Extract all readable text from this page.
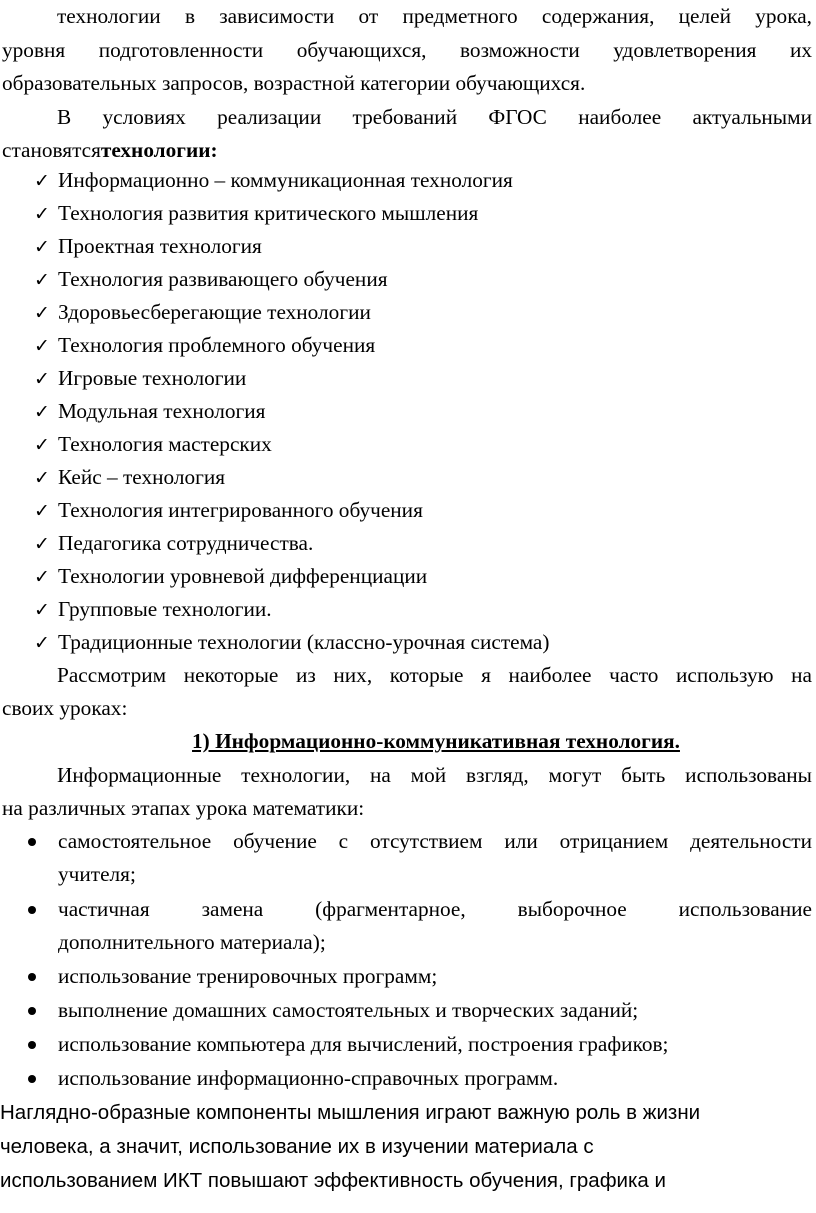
технологии в зависимости от предметного содержания, целей урока,
уровня подготовленности обучающихся, возможности удовлетворения их
образовательных запросов, возрастной категории обучающихся.
В условиях реализации требований ФГОС наиболее актуальными
становятсятехнологии:
✓ Информационно – коммуникационная технология
✓ Технология развития критического мышления
✓ Проектная технология
✓ Технология развивающего обучения
✓ Здоровьесберегающие технологии
✓ Технология проблемного обучения
✓ Игровые технологии
✓ Модульная технология
✓ Технология мастерских
✓ Кейс – технология
✓ Технология интегрированного обучения
✓ Педагогика сотрудничества.
✓ Технологии уровневой дифференциации
✓ Групповые технологии.
✓ Традиционные технологии (классно-урочная система)
Рассмотрим некоторые из них, которые я наиболее часто использую на
своих уроках:
1) Информационно-коммуникативная технология.
Информационные технологии, на мой взгляд, могут быть использованы
на различных этапах урока математики:
самостоятельное обучение с отсутствием или отрицанием деятельности
учителя;
частичная замена (фрагментарное, выборочное использование
дополнительного материала);
использование тренировочных программ;
выполнение домашних самостоятельных и творческих заданий;
использование компьютера для вычислений, построения графиков;
использование информационно-справочных программ.
Наглядно-образные компоненты мышления играют важную роль в жизни
человека, а значит, использование их в изучении материала с
использованием ИКТ повышают эффективность обучения, графика и
